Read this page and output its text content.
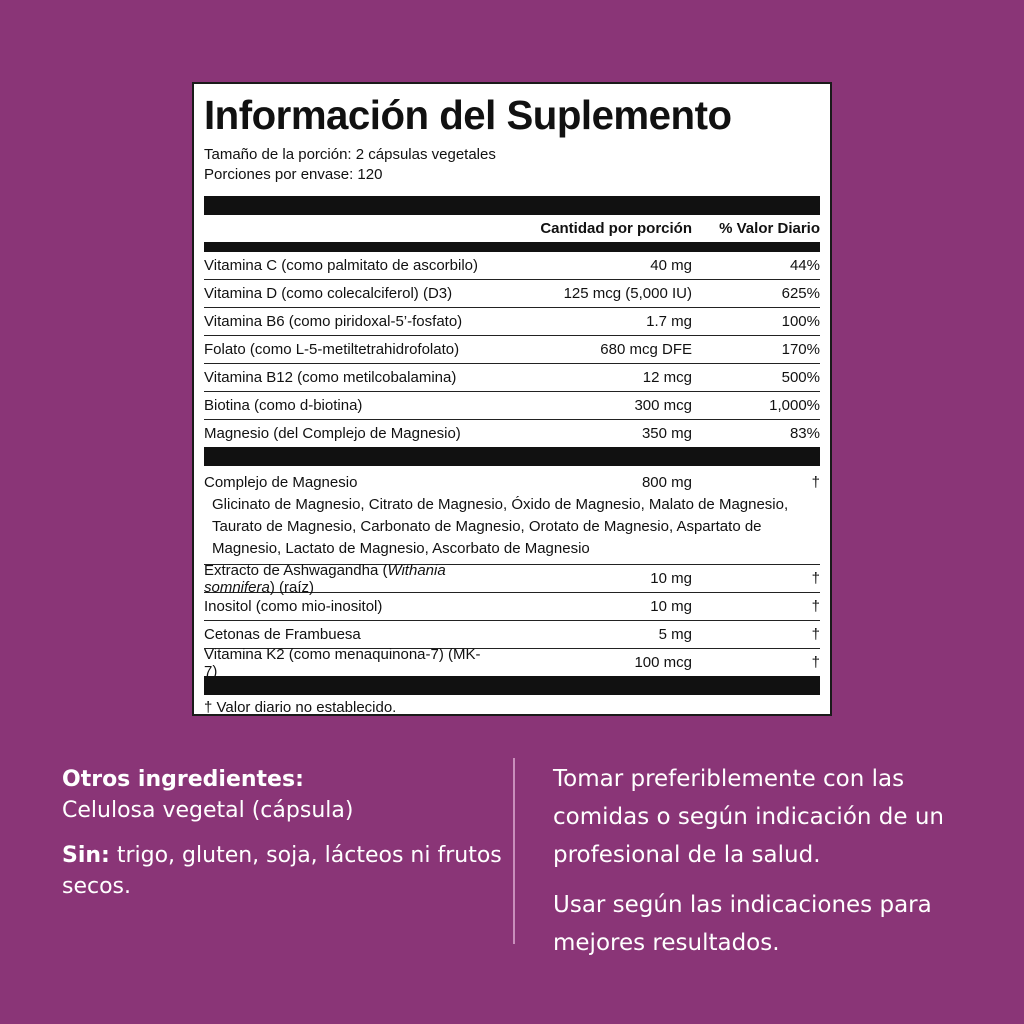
Información del Suplemento
Tamaño de la porción: 2 cápsulas vegetales
Porciones por envase: 120
Cantidad por porción	% Valor Diario
Vitamina C (como palmitato de ascorbilo)	40 mg	44%
Vitamina D (como colecalciferol) (D3)	125 mcg (5,000 IU)	625%
Vitamina B6 (como piridoxal-5’-fosfato)	1.7 mg	100%
Folato (como L-5-metiltetrahidrofolato)	680 mcg DFE	170%
Vitamina B12 (como metilcobalamina)	12 mcg	500%
Biotina (como d-biotina)	300 mcg	1,000%
Magnesio (del Complejo de Magnesio)	350 mg	83%
Complejo de Magnesio	800 mg	†
Glicinato de Magnesio, Citrato de Magnesio, Óxido de Magnesio, Malato de Magnesio, Taurato de Magnesio, Carbonato de Magnesio, Orotato de Magnesio, Aspartato de Magnesio, Lactato de Magnesio, Ascorbato de Magnesio
Extracto de Ashwagandha (Withania somnifera) (raíz)	10 mg	†
Inositol (como mio-inositol)	10 mg	†
Cetonas de Frambuesa	5 mg	†
Vitamina K2 (como menaquinona-7) (MK-7)	100 mcg	†
† Valor diario no establecido.

Otros ingredientes:
Celulosa vegetal (cápsula)

Sin: trigo, gluten, soja, lácteos ni frutos secos.

Tomar preferiblemente con las comidas o según indicación de un profesional de la salud.

Usar según las indicaciones para mejores resultados.
